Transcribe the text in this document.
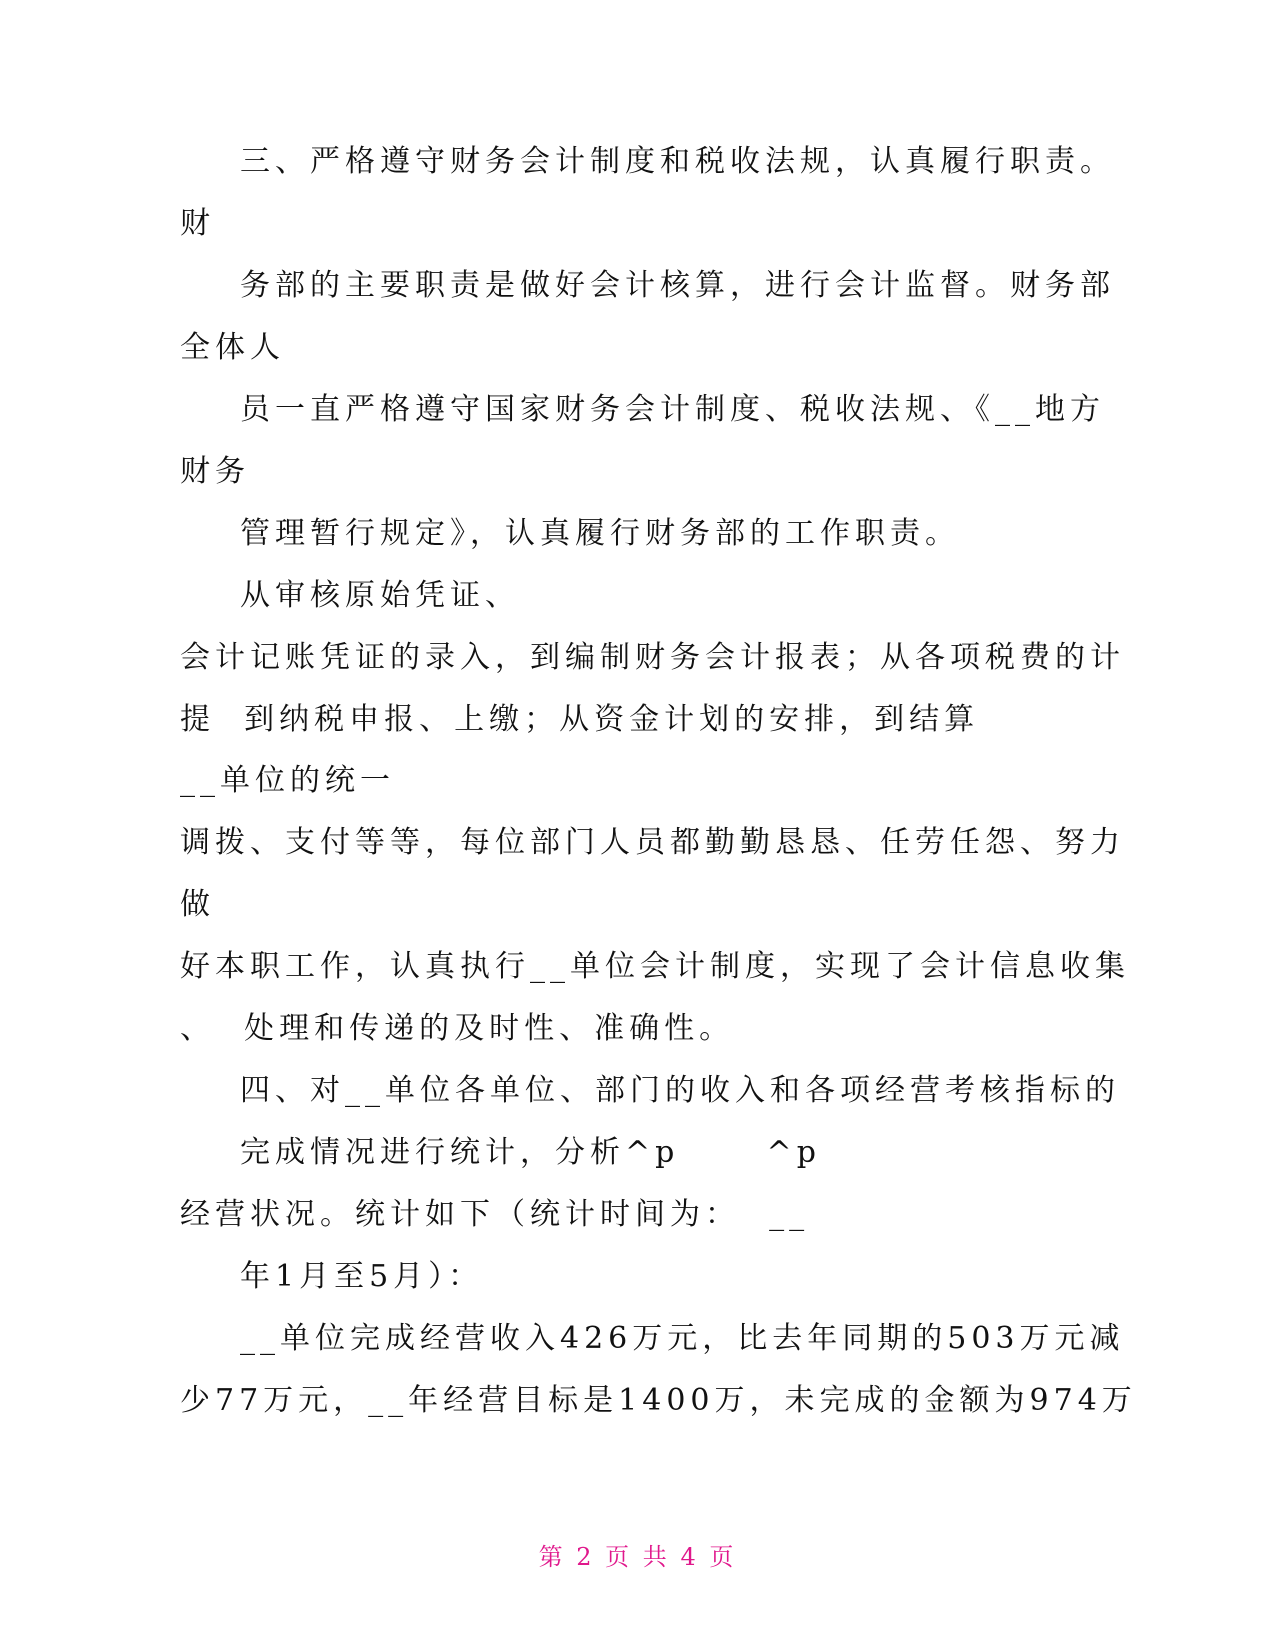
三、严格遵守财务会计制度和税收法规，认真履行职责。
财
务部的主要职责是做好会计核算，进行会计监督。财务部
全体人
员一直严格遵守国家财务会计制度、税收法规、《__地方
财务
管理暂行规定》，认真履行财务部的工作职责。
从审核原始凭证、
会计记账凭证的录入，到编制财务会计报表；从各项税费的计
提  到纳税申报、上缴；从资金计划的安排，到结算
__单位的统一
调拨、支付等等，每位部门人员都勤勤恳恳、任劳任怨、努力
做
好本职工作，认真执行__单位会计制度，实现了会计信息收集
、  处理和传递的及时性、准确性。
四、对__单位各单位、部门的收入和各项经营考核指标的
完成情况进行统计，分析^p      ^p
经营状况。统计如下（统计时间为：  __
年1月至5月）：
__单位完成经营收入426万元，比去年同期的503万元减
少77万元，__年经营目标是1400万，未完成的金额为974万
第 2 页 共 4 页
